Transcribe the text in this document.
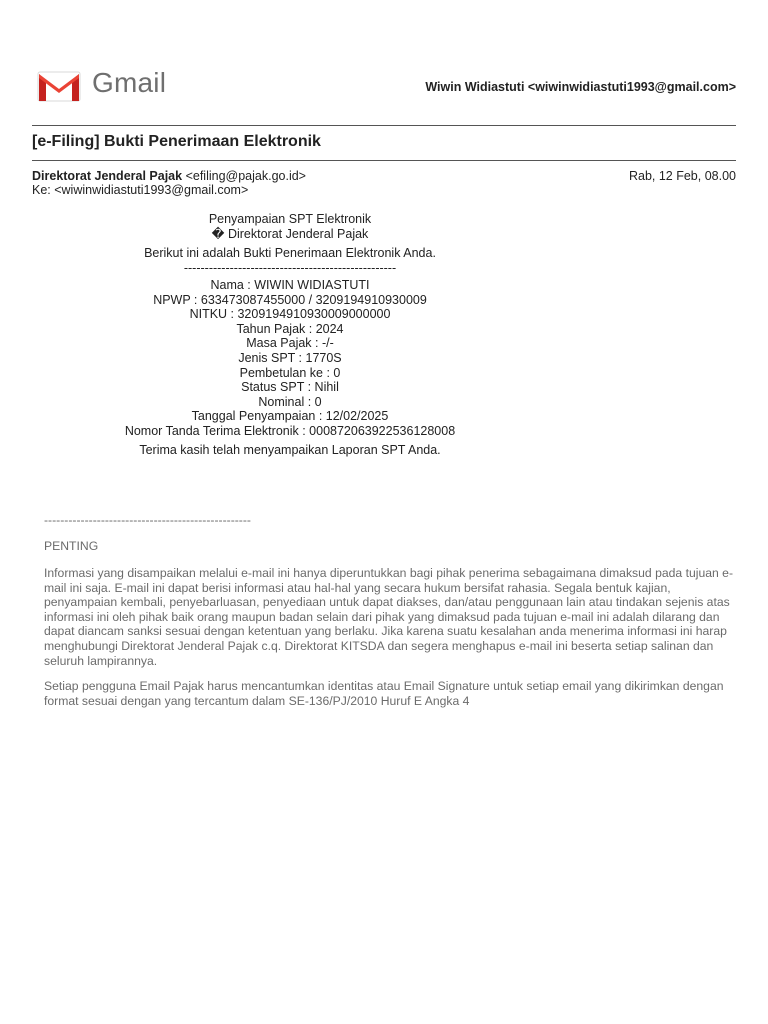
Gmail	Wiwin Widiastuti <wiwinwidiastuti1993@gmail.com>
[e-Filing] Bukti Penerimaan Elektronik
Direktorat Jenderal Pajak <efiling@pajak.go.id>
Ke: <wiwinwidiastuti1993@gmail.com>
Rab, 12 Feb, 08.00
Penyampaian SPT Elektronik
� Direktorat Jenderal Pajak
Berikut ini adalah Bukti Penerimaan Elektronik Anda.
---------------------------------------------------
Nama : WIWIN WIDIASTUTI
NPWP : 633473087455000 / 3209194910930009
NITKU : 3209194910930009000000
Tahun Pajak : 2024
Masa Pajak : -/-
Jenis SPT : 1770S
Pembetulan ke : 0
Status SPT : Nihil
Nominal : 0
Tanggal Penyampaian : 12/02/2025
Nomor Tanda Terima Elektronik : 000872063922536128008
Terima kasih telah menyampaikan Laporan SPT Anda.
---------------------------------------------------
PENTING
Informasi yang disampaikan melalui e-mail ini hanya diperuntukkan bagi pihak penerima sebagaimana dimaksud pada tujuan e-mail ini saja. E-mail ini dapat berisi informasi atau hal-hal yang secara hukum bersifat rahasia. Segala bentuk kajian, penyampaian kembali, penyebarluasan, penyediaan untuk dapat diakses, dan/atau penggunaan lain atau tindakan sejenis atas informasi ini oleh pihak baik orang maupun badan selain dari pihak yang dimaksud pada tujuan e-mail ini adalah dilarang dan dapat diancam sanksi sesuai dengan ketentuan yang berlaku. Jika karena suatu kesalahan anda menerima informasi ini harap menghubungi Direktorat Jenderal Pajak c.q. Direktorat KITSDA dan segera menghapus e-mail ini beserta setiap salinan dan seluruh lampirannya.
Setiap pengguna Email Pajak harus mencantumkan identitas atau Email Signature untuk setiap email yang dikirimkan dengan format sesuai dengan yang tercantum dalam SE-136/PJ/2010 Huruf E Angka 4
